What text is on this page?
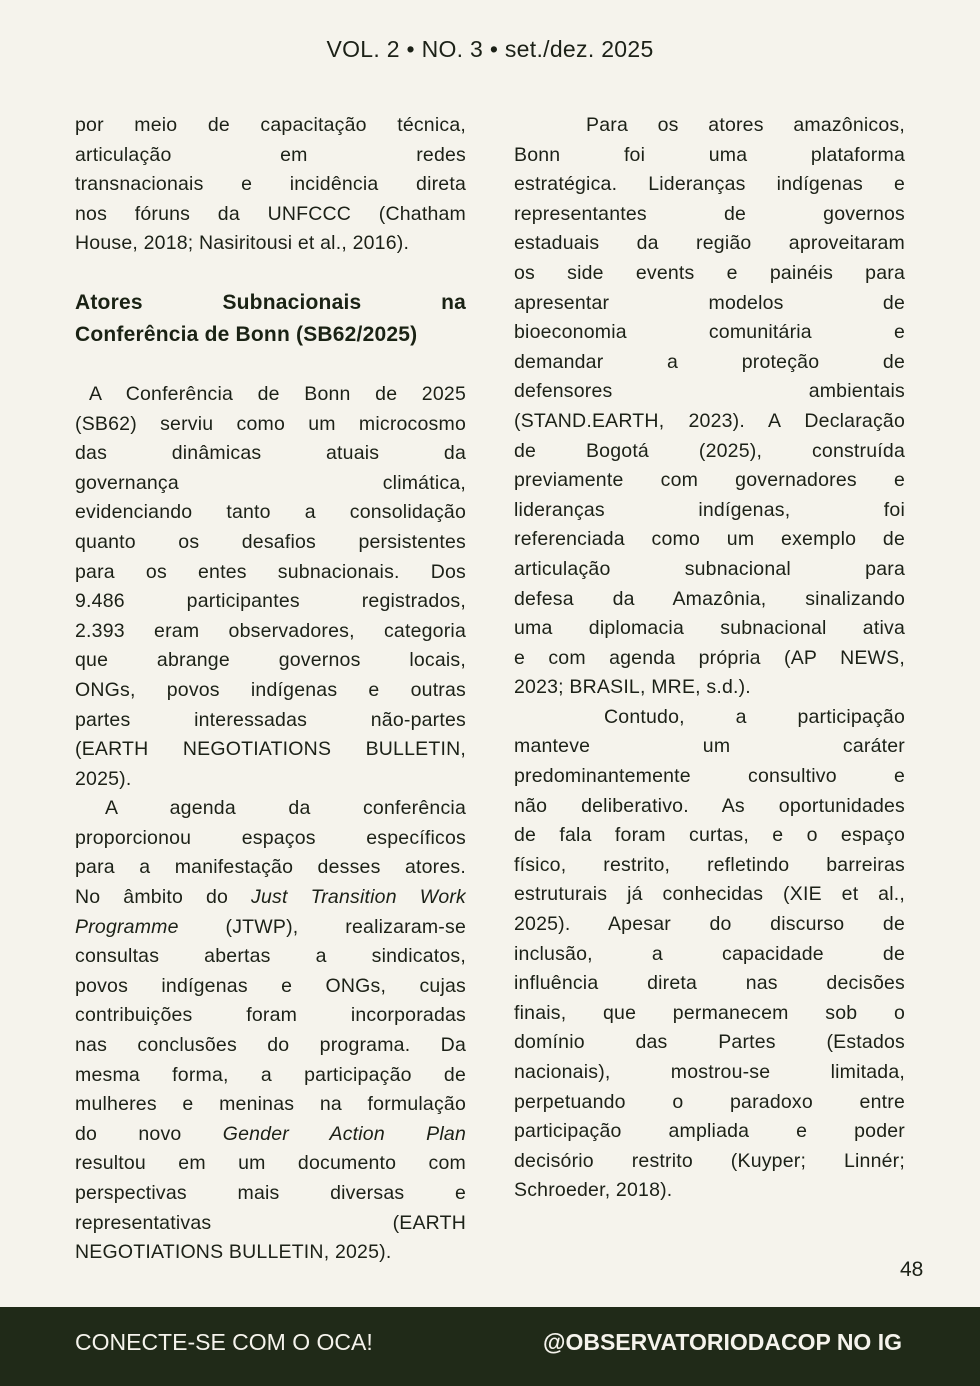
VOL. 2 • NO. 3 • set./dez. 2025
por meio de capacitação técnica,
articulação em redes
transnacionais e incidência direta
nos fóruns da UNFCCC (Chatham
House, 2018; Nasiritousi et al., 2016).
Atores Subnacionais na
Conferência de Bonn (SB62/2025)
A Conferência de Bonn de 2025
(SB62) serviu como um microcosmo
das dinâmicas atuais da
governança climática,
evidenciando tanto a consolidação
quanto os desafios persistentes
para os entes subnacionais. Dos
9.486 participantes registrados,
2.393 eram observadores, categoria
que abrange governos locais,
ONGs, povos indígenas e outras
partes interessadas não-partes
(EARTH NEGOTIATIONS BULLETIN,
2025).
A agenda da conferência
proporcionou espaços específicos
para a manifestação desses atores.
No âmbito do Just Transition Work
Programme (JTWP), realizaram-se
consultas abertas a sindicatos,
povos indígenas e ONGs, cujas
contribuições foram incorporadas
nas conclusões do programa. Da
mesma forma, a participação de
mulheres e meninas na formulação
do novo Gender Action Plan
resultou em um documento com
perspectivas mais diversas e
representativas (EARTH
NEGOTIATIONS BULLETIN, 2025).
Para os atores amazônicos,
Bonn foi uma plataforma
estratégica. Lideranças indígenas e
representantes de governos
estaduais da região aproveitaram
os side events e painéis para
apresentar modelos de
bioeconomia comunitária e
demandar a proteção de
defensores ambientais
(STAND.EARTH, 2023). A Declaração
de Bogotá (2025), construída
previamente com governadores e
lideranças indígenas, foi
referenciada como um exemplo de
articulação subnacional para
defesa da Amazônia, sinalizando
uma diplomacia subnacional ativa
e com agenda própria (AP NEWS,
2023; BRASIL, MRE, s.d.).
Contudo, a participação
manteve um caráter
predominantemente consultivo e
não deliberativo. As oportunidades
de fala foram curtas, e o espaço
físico, restrito, refletindo barreiras
estruturais já conhecidas (XIE et al.,
2025). Apesar do discurso de
inclusão, a capacidade de
influência direta nas decisões
finais, que permanecem sob o
domínio das Partes (Estados
nacionais), mostrou-se limitada,
perpetuando o paradoxo entre
participação ampliada e poder
decisório restrito (Kuyper; Linnér;
Schroeder, 2018).
48
CONECTE-SE COM O OCA!	@OBSERVATORIODACOP NO IG
